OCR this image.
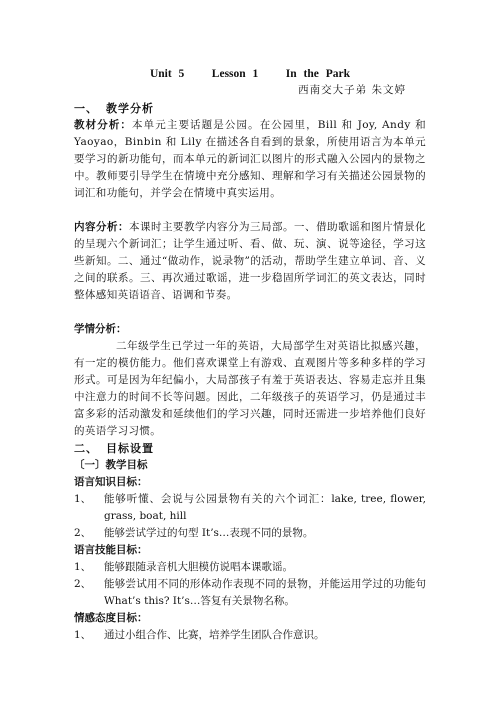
Unit 5    Lesson 1    In the Park

西南交大子弟 朱文婷

一、 教学分析

教材分析：本单元主要话题是公园。在公园里，Bill 和 Joy, Andy 和 Yaoyao，Binbin 和 Lily 在描述各自看到的景象，所使用语言为本单元要学习的新功能句，而本单元的新词汇以图片的形式融入公园内的景物之中。教师要引导学生在情境中充分感知、理解和学习有关描述公园景物的词汇和功能句，并学会在情境中真实运用。

内容分析：本课时主要教学内容分为三局部。一、借助歌谣和图片情景化的呈现六个新词汇；让学生通过听、看、做、玩、演、说等途径，学习这些新知。二、通过“做动作，说录物”的活动，帮助学生建立单词、音、义之间的联系。三、再次通过歌谣，进一步稳固所学词汇的英文表达，同时整体感知英语语音、语调和节奏。

学情分析：

二年级学生已学过一年的英语，大局部学生对英语比拟感兴趣，有一定的模仿能力。他们喜欢课堂上有游戏、直观图片等多种多样的学习形式。可是因为年纪偏小，大局部孩子有羞于英语表达、容易走忘并且集中注意力的时间不长等问题。因此，二年级孩子的英语学习，仍是通过丰富多彩的活动激发和延续他们的学习兴趣，同时还需进一步培养他们良好的英语学习习惯。

二、 目标设置

〔一〕教学目标

语言知识目标：

1、	能够听懂、会说与公园景物有关的六个词汇：lake, tree, flower, grass, boat, hill
2、	能够尝试学过的句型 It’s…表现不同的景物。

语言技能目标：

1、	能够跟随录音机大胆模仿说唱本课歌谣。
2、	能够尝试用不同的形体动作表现不同的景物，并能运用学过的功能句 What’s this? It’s…答复有关景物名称。

情感态度目标：

1、	通过小组合作、比赛，培养学生团队合作意识。
